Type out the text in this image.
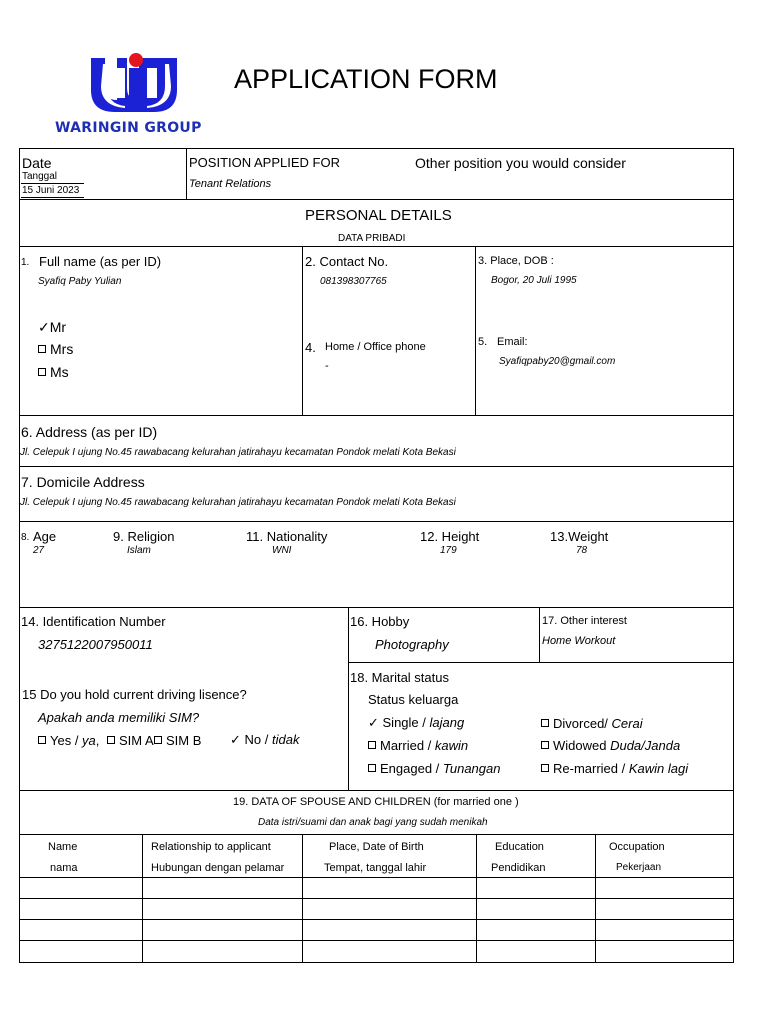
WARINGIN GROUP
APPLICATION FORM
Date
Tanggal
15 Juni 2023
POSITION APPLIED FOR
Tenant Relations
Other position you would consider
PERSONAL DETAILS
DATA PRIBADI
1. Full name (as per ID)
Syafiq Paby Yulian
✓Mr
Mrs
Ms
2. Contact No.
081398307765
3. Place, DOB :
Bogor, 20 Juli 1995
4. Home / Office phone
-
5. Email:
Syafiqpaby20@gmail.com
6. Address (as per ID)
Jl. Celepuk I ujung No.45 rawabacang kelurahan jatirahayu kecamatan Pondok melati Kota Bekasi
7. Domicile Address
Jl. Celepuk I ujung No.45 rawabacang kelurahan jatirahayu kecamatan Pondok melati Kota Bekasi
8. Age
27
9. Religion
Islam
11. Nationality
WNI
12. Height
179
13.Weight
78
14. Identification Number
3275122007950011
16. Hobby
Photography
17. Other interest
Home Workout
15 Do you hold current driving lisence?
Apakah anda memiliki SIM?
Yes / ya,	SIM A SIM B ✓ No / tidak
18. Marital status
Status keluarga
✓ Single / lajang
Married / kawin
Engaged / Tunangan
Divorced/ Cerai
Widowed Duda/Janda
Re-married / Kawin lagi
19. DATA OF SPOUSE AND CHILDREN (for married one )
Data istri/suami dan anak bagi yang sudah menikah
Name
nama
Relationship to applicant
Hubungan dengan pelamar
Place, Date of Birth
Tempat, tanggal lahir
Education
Pendidikan
Occupation
Pekerjaan
